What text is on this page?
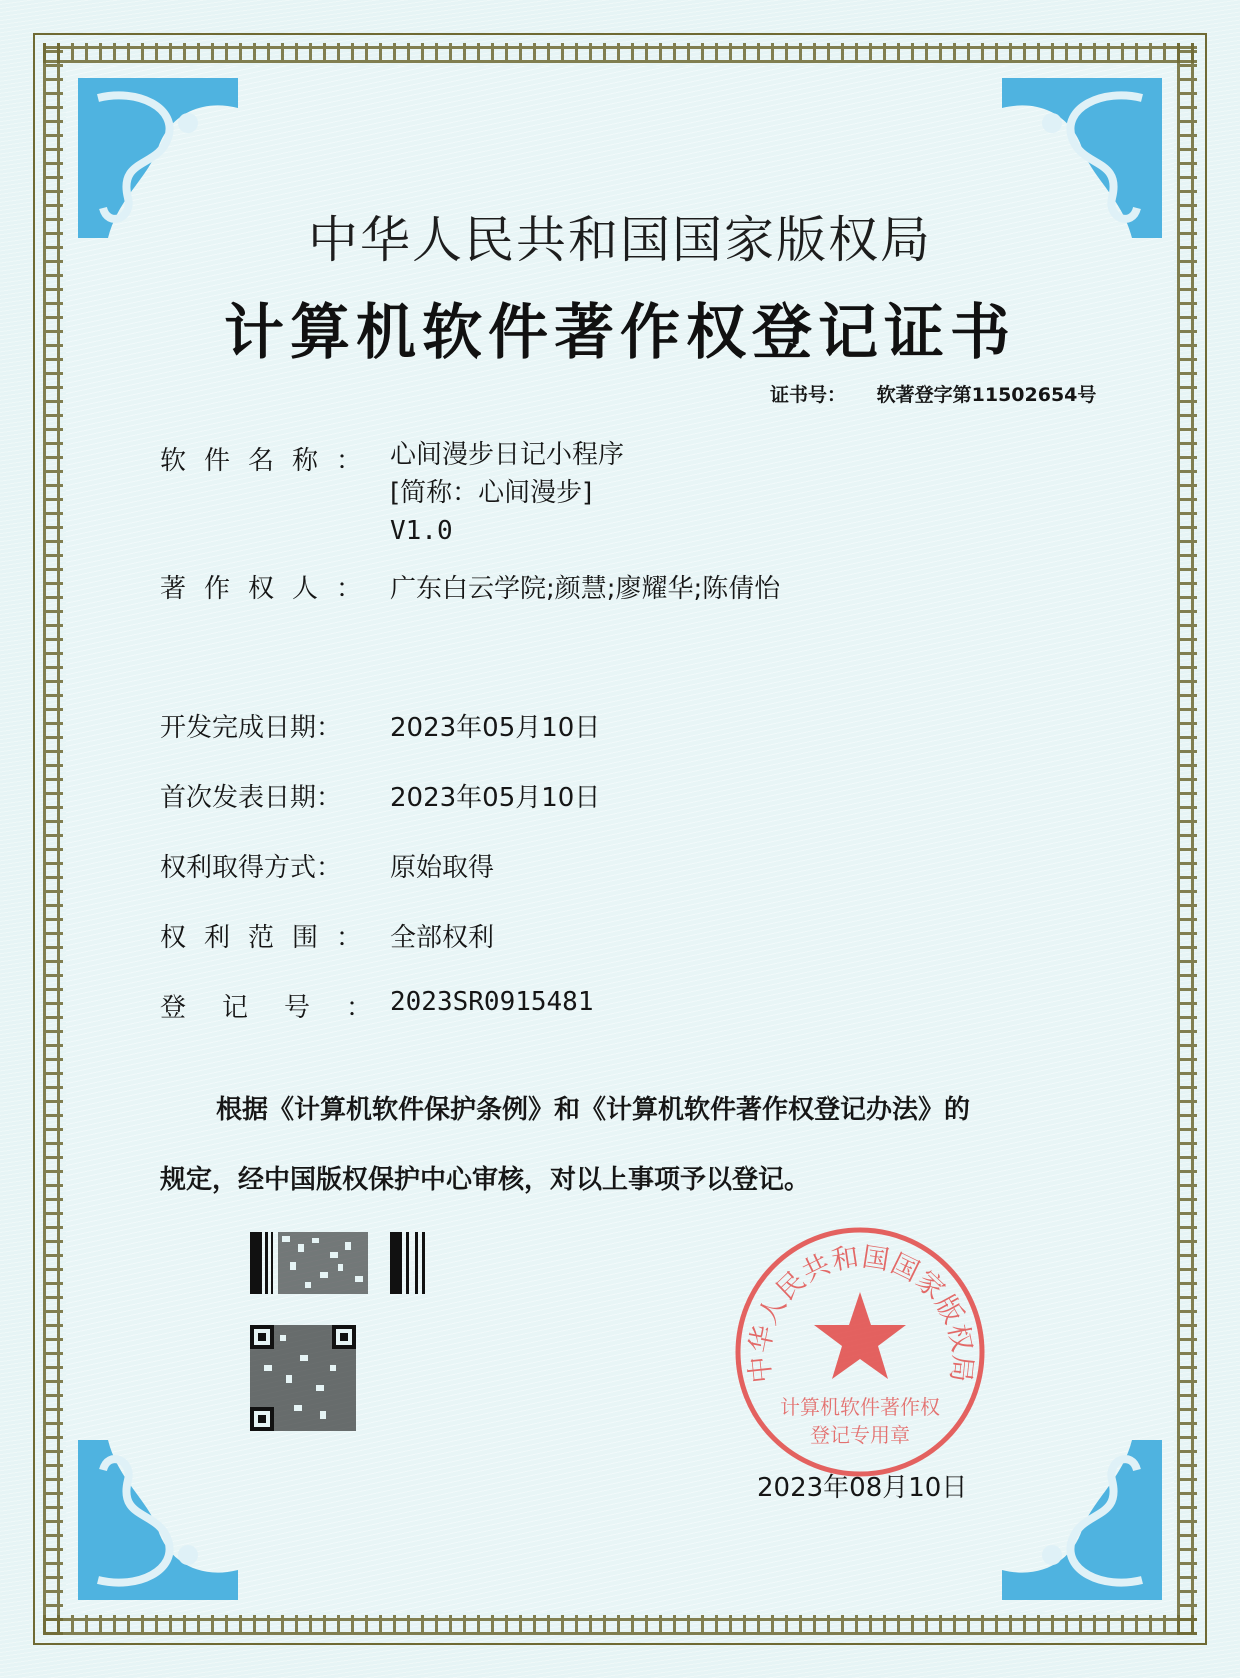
中华人民共和国国家版权局
计算机软件著作权登记证书
证书号： 软著登字第11502654号
软件名称： 心间漫步日记小程序
[简称：心间漫步]
V1.0
著作权人： 广东白云学院;颜慧;廖耀华;陈倩怡
开发完成日期：	2023年05月10日
首次发表日期：	2023年05月10日
权利取得方式：	原始取得
权利范围： 全部权利
登记号：
2023SR0915481

根据《计算机软件保护条例》和《计算机软件著作权登记办法》的

规定，经中国版权保护中心审核，对以上事项予以登记。

中华人民共和国国家版权局
计算机软件著作权
登记专用章
2023年08月10日
